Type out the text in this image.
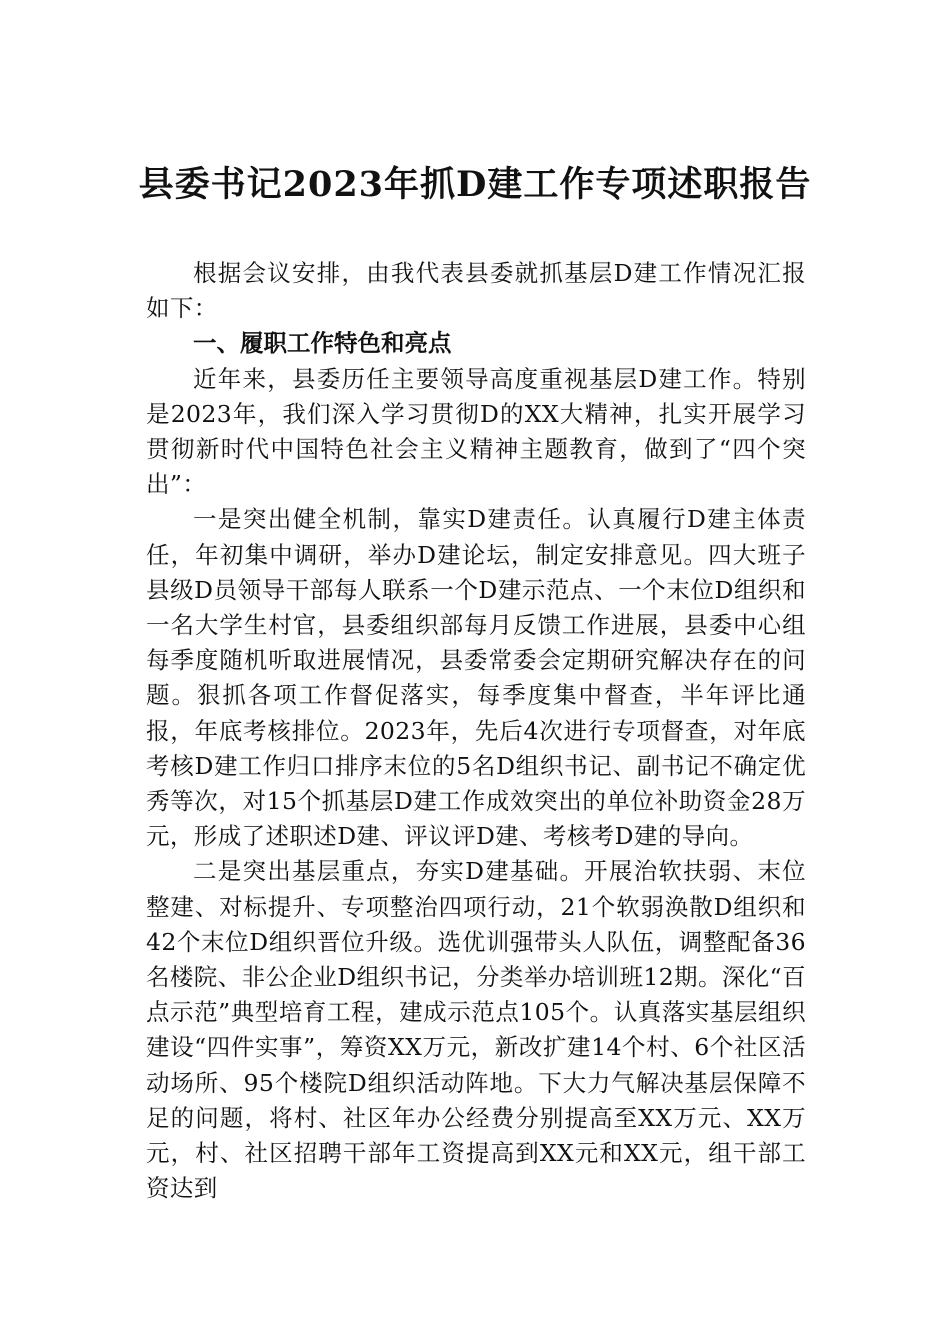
县委书记2023年抓D建工作专项述职报告

根据会议安排，由我代表县委就抓基层D建工作情况汇报如下：

一、履职工作特色和亮点

近年来，县委历任主要领导高度重视基层D建工作。特别是2023年，我们深入学习贯彻D的XX大精神，扎实开展学习贯彻新时代中国特色社会主义精神主题教育，做到了“四个突出”：

一是突出健全机制，靠实D建责任。认真履行D建主体责任，年初集中调研，举办D建论坛，制定安排意见。四大班子县级D员领导干部每人联系一个D建示范点、一个末位D组织和一名大学生村官，县委组织部每月反馈工作进展，县委中心组每季度随机听取进展情况，县委常委会定期研究解决存在的问题。狠抓各项工作督促落实，每季度集中督查，半年评比通报，年底考核排位。2023年，先后4次进行专项督查，对年底考核D建工作归口排序末位的5名D组织书记、副书记不确定优秀等次，对15个抓基层D建工作成效突出的单位补助资金28万元，形成了述职述D建、评议评D建、考核考D建的导向。

二是突出基层重点，夯实D建基础。开展治软扶弱、末位整建、对标提升、专项整治四项行动，21个软弱涣散D组织和42个末位D组织晋位升级。选优训强带头人队伍，调整配备36名楼院、非公企业D组织书记，分类举办培训班12期。深化“百点示范”典型培育工程，建成示范点105个。认真落实基层组织建设“四件实事”，筹资XX万元，新改扩建14个村、6个社区活动场所、95个楼院D组织活动阵地。下大力气解决基层保障不足的问题，将村、社区年办公经费分别提高至XX万元、XX万元，村、社区招聘干部年工资提高到XX元和XX元，组干部工资达到
